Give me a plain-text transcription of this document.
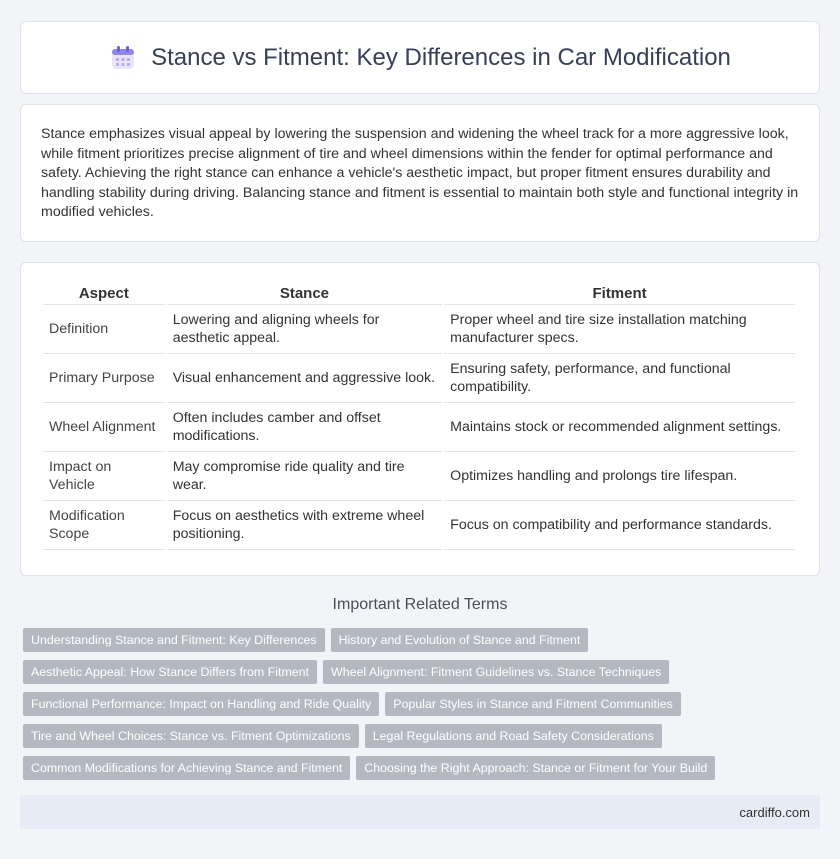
Stance vs Fitment: Key Differences in Car Modification

Stance emphasizes visual appeal by lowering the suspension and widening the wheel track for a more aggressive look, while fitment prioritizes precise alignment of tire and wheel dimensions within the fender for optimal performance and safety. Achieving the right stance can enhance a vehicle's aesthetic impact, but proper fitment ensures durability and handling stability during driving. Balancing stance and fitment is essential to maintain both style and functional integrity in modified vehicles.

Aspect	Stance	Fitment
Definition	Lowering and aligning wheels for aesthetic appeal.	Proper wheel and tire size installation matching manufacturer specs.
Primary Purpose	Visual enhancement and aggressive look.	Ensuring safety, performance, and functional compatibility.
Wheel Alignment	Often includes camber and offset modifications.	Maintains stock or recommended alignment settings.
Impact on Vehicle	May compromise ride quality and tire wear.	Optimizes handling and prolongs tire lifespan.
Modification Scope	Focus on aesthetics with extreme wheel positioning.	Focus on compatibility and performance standards.
Important Related Terms
Understanding Stance and Fitment: Key Differences	History and Evolution of Stance and Fitment
Aesthetic Appeal: How Stance Differs from Fitment	Wheel Alignment: Fitment Guidelines vs. Stance Techniques
Functional Performance: Impact on Handling and Ride Quality	Popular Styles in Stance and Fitment Communities
Tire and Wheel Choices: Stance vs. Fitment Optimizations	Legal Regulations and Road Safety Considerations
Common Modifications for Achieving Stance and Fitment	Choosing the Right Approach: Stance or Fitment for Your Build
cardiffo.com
